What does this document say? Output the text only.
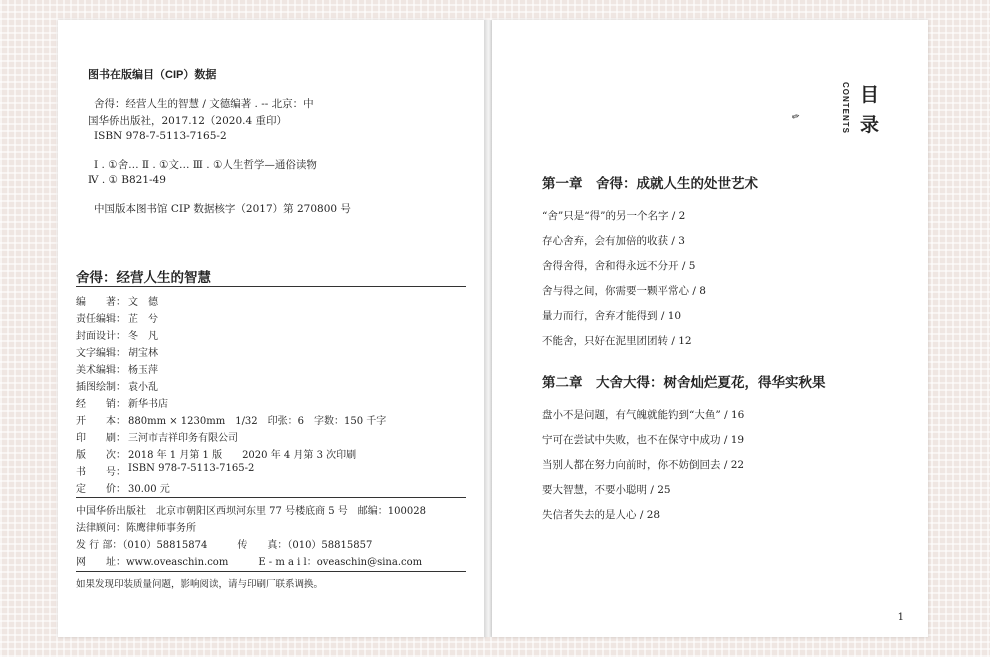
图书在版编目（CIP）数据
舍得：经营人生的智慧 / 文德编著 . -- 北京：中
国华侨出版社，2017.12（2020.4 重印）
ISBN 978-7-5113-7165-2
Ⅰ . ①舍… Ⅱ . ①文… Ⅲ . ①人生哲学—通俗读物
Ⅳ . ① B821-49
中国版本图书馆 CIP 数据核字（2017）第 270800 号
舍得：经营人生的智慧
编　　著： 文　德
责任编辑： 芷　兮
封面设计： 冬　凡
文字编辑： 胡宝林
美术编辑： 杨玉萍
插图绘制： 袁小乱
经　　销： 新华书店
开　　本： 880mm × 1230mm　1/32　印张：6　字数：150 千字
印　　刷： 三河市吉祥印务有限公司
版　　次： 2018 年 1 月第 1 版　　2020 年 4 月第 3 次印刷
书　　号： ISBN 978-7-5113-7165-2
定　　价： 30.00 元
中国华侨出版社　北京市朝阳区西坝河东里 77 号楼底商 5 号　邮编：100028
法律顾问：陈鹰律师事务所
发 行 部：（010）58815874　　　传　　真：（010）58815857
网　　址：www.oveaschin.com　　　E - m a i l：oveaschin@sina.com
如果发现印装质量问题，影响阅读，请与印刷厂联系调换。
CONTENTS
✎
目
录
第一章　舍得：成就人生的处世艺术
“舍”只是“得”的另一个名字 / 2
存心舍弃，会有加倍的收获 / 3
舍得舍得，舍和得永远不分开 / 5
舍与得之间，你需要一颗平常心 / 8
量力而行，舍弃才能得到 / 10
不能舍，只好在泥里团团转 / 12
第二章　大舍大得：树舍灿烂夏花，得华实秋果
盘小不是问题，有气魄就能钓到“大鱼” / 16
宁可在尝试中失败，也不在保守中成功 / 19
当别人都在努力向前时，你不妨倒回去 / 22
要大智慧，不要小聪明 / 25
失信者失去的是人心 / 28
1
